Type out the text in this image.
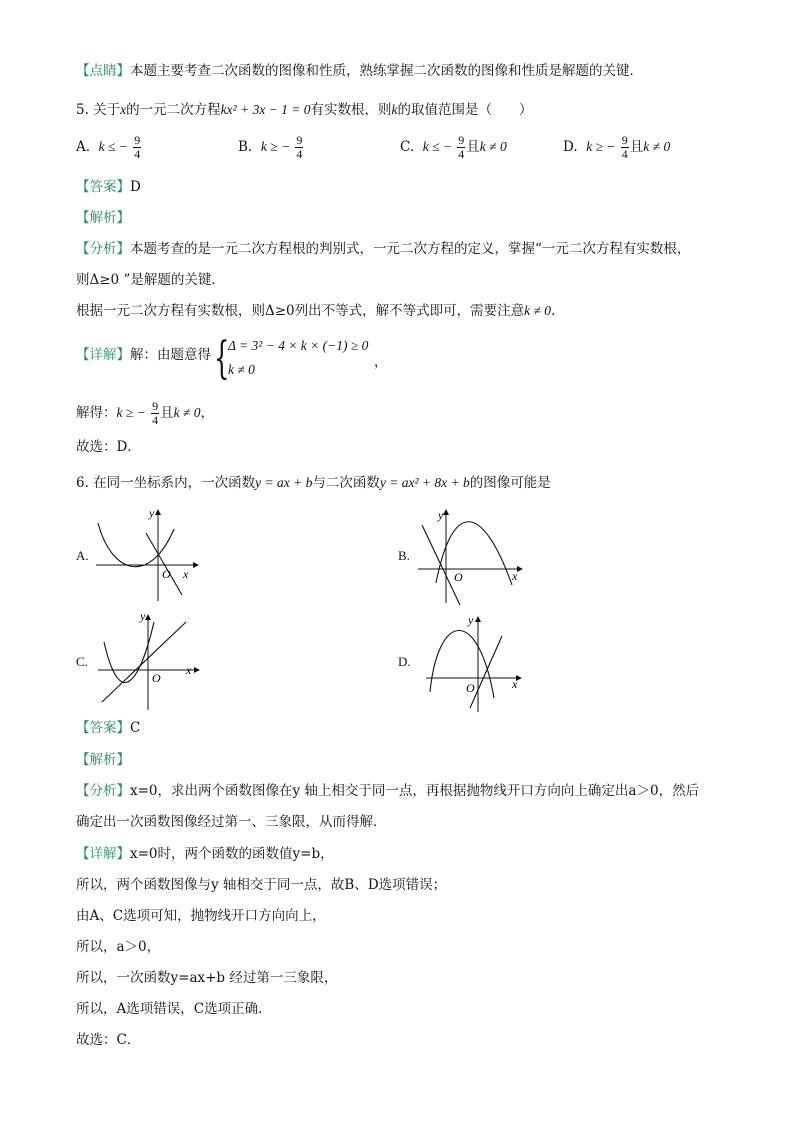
【点睛】本题主要考查二次函数的图像和性质，熟练掌握二次函数的图像和性质是解题的关键．
5. 关于x的一元二次方程kx² + 3x − 1 = 0有实数根，则k的取值范围是（　　）
A. k ≤ − $\frac{9}{4}$	B. k ≥ − $\frac{9}{4}$	C. k ≤ − $\frac{9}{4}$ 且k ≠ 0	D. k ≥ − $\frac{9}{4}$ 且k ≠ 0
【答案】D
【解析】
【分析】本题考查的是一元二次方程根的判别式，一元二次方程的定义，掌握“一元二次方程有实数根，
则Δ≥0 ”是解题的关键．
根据一元二次方程有实数根，则Δ≥0列出不等式，解不等式即可，需要注意k ≠ 0．
【详解】解：由题意得 {
Δ = 3² − 4 × k × (−1) ≥ 0
k ≠ 0
，
解得：k ≥ − $\frac{9}{4}$ 且k ≠ 0，
故选：D．
6. 在同一坐标系内，一次函数y = ax + b与二次函数y = ax² + 8x + b的图像可能是
A.
y
x
O
B.
y
x
O
C.
y
x
O
D.
y
x
O
【答案】C
【解析】
【分析】x=0，求出两个函数图像在y 轴上相交于同一点，再根据抛物线开口方向向上确定出a＞0，然后
确定出一次函数图像经过第一、三象限，从而得解．
【详解】x=0时，两个函数的函数值y=b，
所以，两个函数图像与y 轴相交于同一点，故B、D选项错误；
由A、C选项可知，抛物线开口方向向上，
所以，a＞0，
所以，一次函数y=ax+b 经过第一三象限，
所以，A选项错误，C选项正确．
故选：C．
